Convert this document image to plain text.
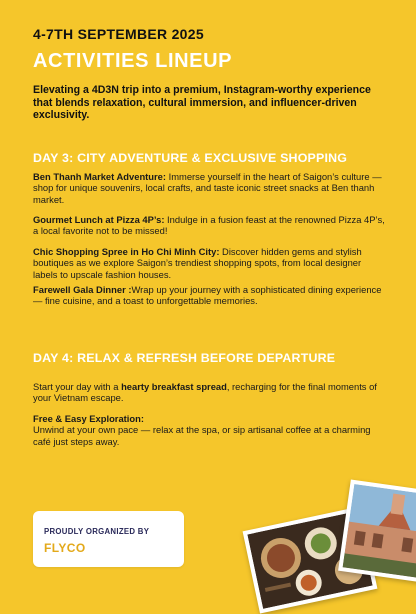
4-7TH SEPTEMBER 2025
ACTIVITIES LINEUP
Elevating a 4D3N trip into a premium, Instagram-worthy experience that blends relaxation, cultural immersion, and influencer-driven exclusivity.
DAY 3: CITY ADVENTURE & EXCLUSIVE SHOPPING
Ben Thanh Market Adventure: Immerse yourself in the heart of Saigon’s culture — shop for unique souvenirs, local crafts, and taste iconic street snacks at Ben thanh market.
Gourmet Lunch at Pizza 4P’s: Indulge in a fusion feast at the renowned Pizza 4P’s, a local favorite not to be missed!
Chic Shopping Spree in Ho Chi Minh City: Discover hidden gems and stylish boutiques as we explore Saigon’s trendiest shopping spots, from local designer labels to upscale fashion houses.
Farewell Gala Dinner :Wrap up your journey with a sophisticated dining experience — fine cuisine, and a toast to unforgettable memories.
DAY 4: RELAX & REFRESH BEFORE DEPARTURE
Start your day with a hearty breakfast spread, recharging for the final moments of your Vietnam escape.
Free & Easy Exploration:
Unwind at your own pace — relax at the spa, or sip artisanal coffee at a charming café just steps away.
PROUDLY ORGANIZED BY
FLYCO
